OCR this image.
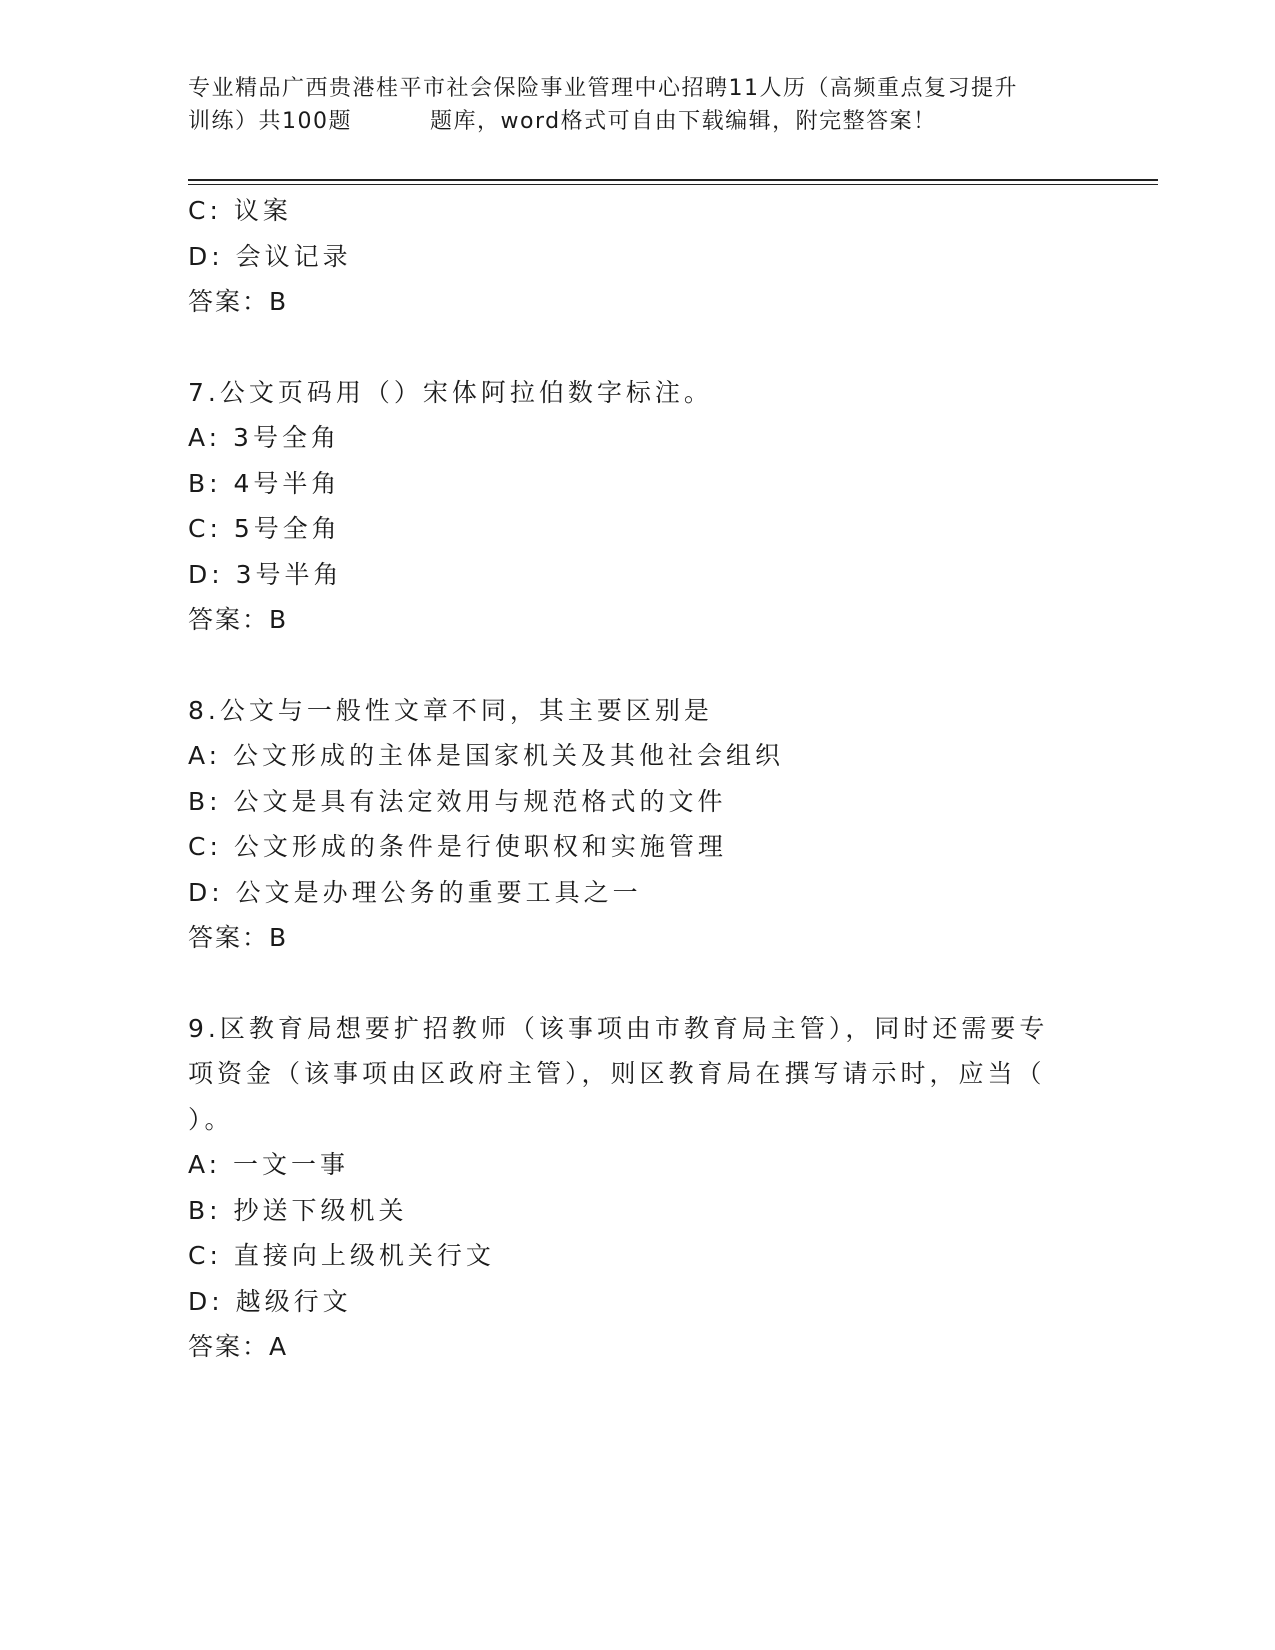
专业精品广西贵港桂平市社会保险事业管理中心招聘11人历（高频重点复习提升
训练）共100题	题库，word格式可自由下载编辑，附完整答案！
C: 议案
D: 会议记录
答案：B
7.公文页码用（）宋体阿拉伯数字标注。
A: 3号全角
B: 4号半角
C: 5号全角
D: 3号半角
答案：B
8.公文与一般性文章不同，其主要区别是
A: 公文形成的主体是国家机关及其他社会组织
B: 公文是具有法定效用与规范格式的文件
C: 公文形成的条件是行使职权和实施管理
D: 公文是办理公务的重要工具之一
答案：B
9.区教育局想要扩招教师（该事项由市教育局主管），同时还需要专
项资金（该事项由区政府主管），则区教育局在撰写请示时，应当（
）。
A: 一文一事
B: 抄送下级机关
C: 直接向上级机关行文
D: 越级行文
答案：A
